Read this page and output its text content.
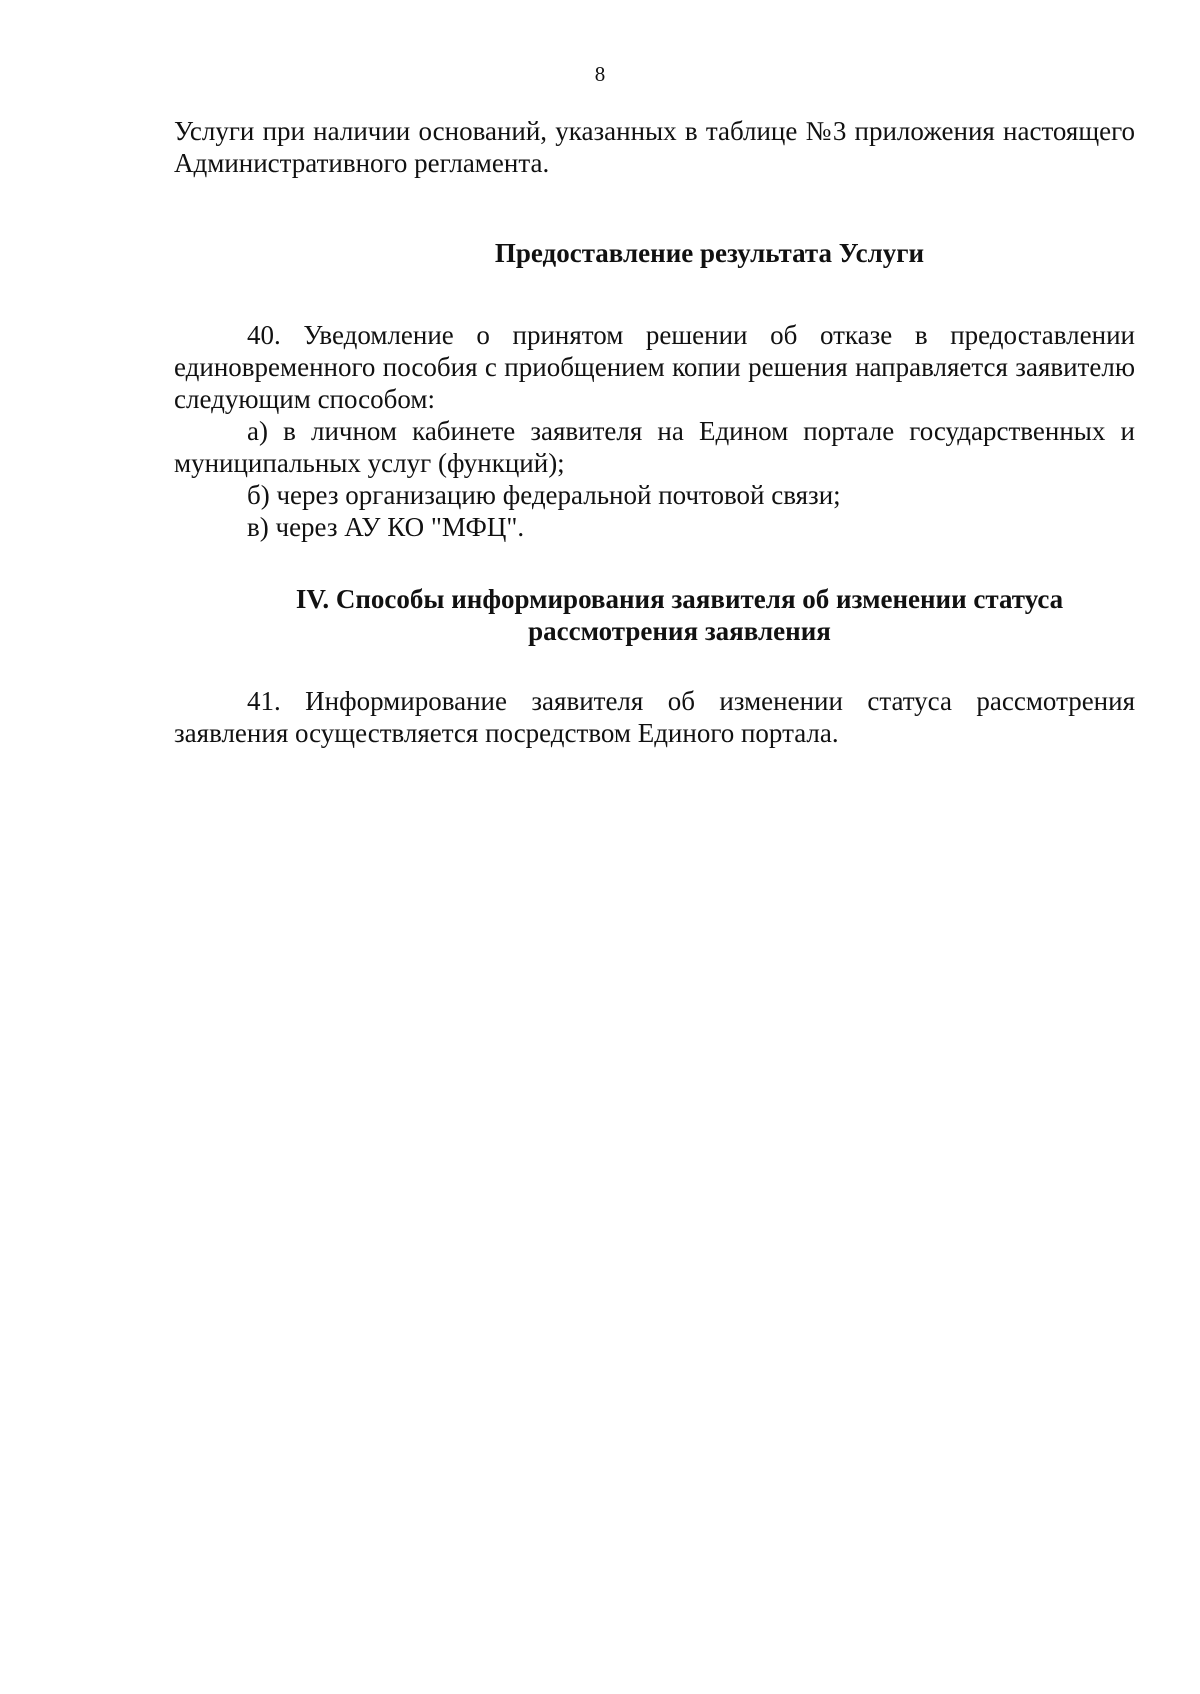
8

Услуги при наличии оснований, указанных в таблице №3 приложения настоящего Административного регламента.

Предоставление результата Услуги

40. Уведомление о принятом решении об отказе в предоставлении единовременного пособия с приобщением копии решения направляется заявителю следующим способом:

а) в личном кабинете заявителя на Едином портале государственных и муниципальных услуг (функций);

б) через организацию федеральной почтовой связи;

в) через АУ КО "МФЦ".

IV. Способы информирования заявителя об изменении статуса
рассмотрения заявления

41. Информирование заявителя об изменении статуса рассмотрения заявления осуществляется посредством Единого портала.
